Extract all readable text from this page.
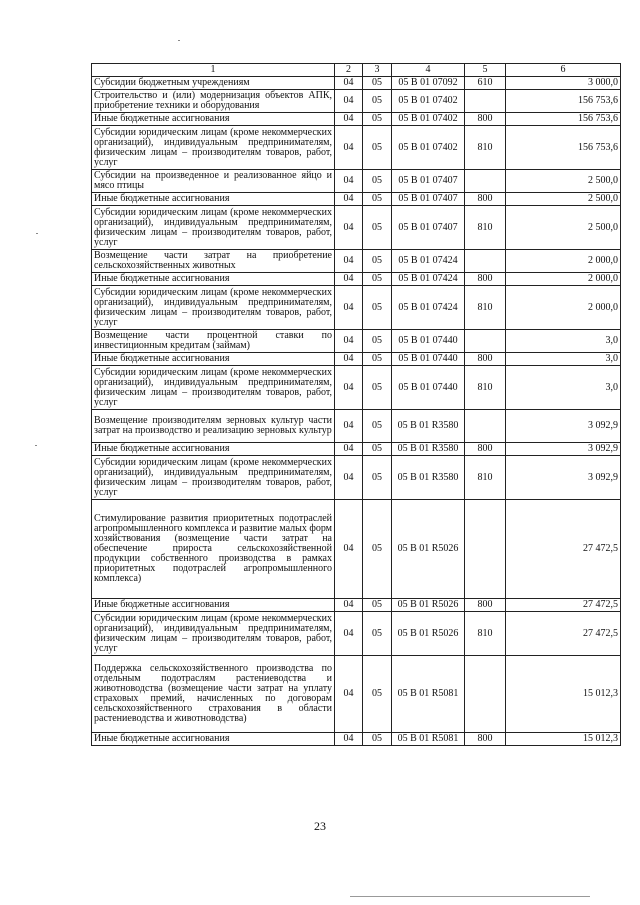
1	2	3	4	5	6
Субсидии бюджетным учреждениям	04	05	05 В 01 07092	610	3 000,0
Строительство и (или) модернизация объектов АПК, приобретение техники и оборудования	04	05	05 В 01 07402		156 753,6
Иные бюджетные ассигнования	04	05	05 В 01 07402	800	156 753,6
Субсидии юридическим лицам (кроме некоммерческих организаций), индивидуальным предпринимателям, физическим лицам – производителям товаров, работ, услуг	04	05	05 В 01 07402	810	156 753,6
Субсидии на произведенное и реализованное яйцо и мясо птицы	04	05	05 В 01 07407		2 500,0
Иные бюджетные ассигнования	04	05	05 В 01 07407	800	2 500,0
Субсидии юридическим лицам (кроме некоммерческих организаций), индивидуальным предпринимателям, физическим лицам – производителям товаров, работ, услуг	04	05	05 В 01 07407	810	2 500,0
Возмещение части затрат на приобретение сельскохозяйственных животных	04	05	05 В 01 07424		2 000,0
Иные бюджетные ассигнования	04	05	05 В 01 07424	800	2 000,0
Субсидии юридическим лицам (кроме некоммерческих организаций), индивидуальным предпринимателям, физическим лицам – производителям товаров, работ, услуг	04	05	05 В 01 07424	810	2 000,0
Возмещение части процентной ставки по инвестиционным кредитам (займам)	04	05	05 В 01 07440		3,0
Иные бюджетные ассигнования	04	05	05 В 01 07440	800	3,0
Субсидии юридическим лицам (кроме некоммерческих организаций), индивидуальным предпринимателям, физическим лицам – производителям товаров, работ, услуг	04	05	05 В 01 07440	810	3,0
Возмещение производителям зерновых культур части затрат на производство и реализацию зерновых культур	04	05	05 В 01 R3580		3 092,9
Иные бюджетные ассигнования	04	05	05 В 01 R3580	800	3 092,9
Субсидии юридическим лицам (кроме некоммерческих организаций), индивидуальным предпринимателям, физическим лицам – производителям товаров, работ, услуг	04	05	05 В 01 R3580	810	3 092,9
Стимулирование развития приоритетных подотраслей агропромышленного комплекса и развитие малых форм хозяйствования (возмещение части затрат на обеспечение прироста сельскохозяйственной продукции собственного производства в рамках приоритетных подотраслей агропромышленного комплекса)	04	05	05 В 01 R5026		27 472,5
Иные бюджетные ассигнования	04	05	05 В 01 R5026	800	27 472,5
Субсидии юридическим лицам (кроме некоммерческих организаций), индивидуальным предпринимателям, физическим лицам – производителям товаров, работ, услуг	04	05	05 В 01 R5026	810	27 472,5
Поддержка сельскохозяйственного производства по отдельным подотраслям растениеводства и животноводства (возмещение части затрат на уплату страховых премий, начисленных по договорам сельскохозяйственного страхования в области растениеводства и животноводства)	04	05	05 В 01 R5081		15 012,3
Иные бюджетные ассигнования	04	05	05 В 01 R5081	800	15 012,3
23
